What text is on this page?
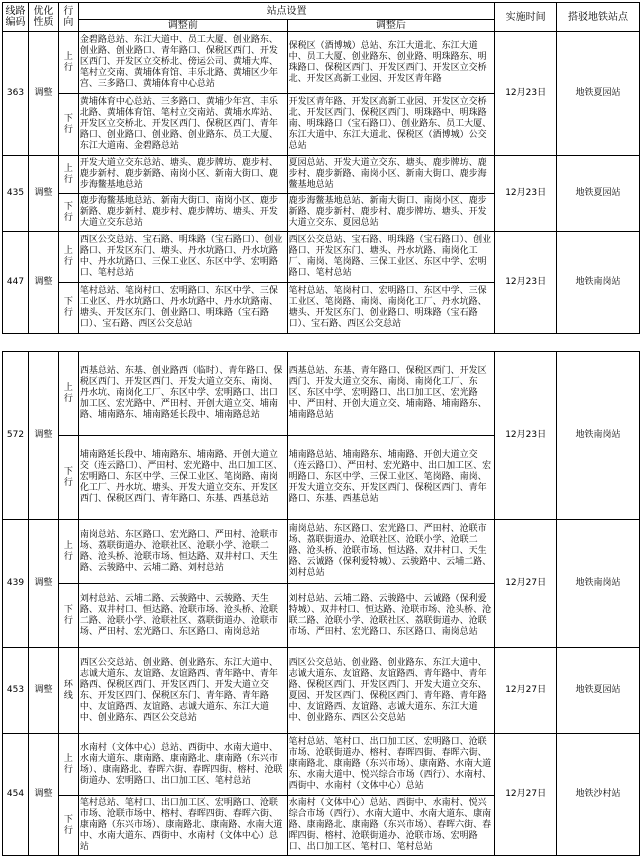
线路编码	优化性质	行向	站点设置		实施时间	搭驳地铁站点
			调整前	调整后		
363	调整	上行	金碧路总站、东江大道中、员工大厦、创业路东、创业路、创业路口、青年路口、保税区西门、开发区西门、开发区立交桥北、傍运公司、黄埔大库、笔村立交南、黄埔体育馆、丰乐北路、黄埔区少年宫、三多路口、黄埔体育中心总站	保税区（酒博城）总站、东江大道北、东江大道中、员工大厦、创业路东、创业路、明珠路东、明珠路口、保税区西门、开发区西门、开发区立交桥北、开发区高新工业园、开发区青年路	12月23日	地铁夏园站
		下行	黄埔体育中心总站、三多路口、黄埔少年宫、丰乐北路、黄埔体育馆、笔村立交南站、黄埔水库站、开发区立交桥北、开发区西门、保税区西门、青年路口、创业路口、创业路、创业路东、员工大厦、东江大道南、金碧路总站	开发区青年路、开发区高新工业园、开发区立交桥北、开发区西门、保税区西门、明珠路中、明珠路南、明珠路口（宝石路口）、创业路东、员工大厦、东江大道中、东江大道北、保税区（酒博城）公交总站		
435	调整	上行	开发大道立交东总站、塘头、鹿步牌坊、鹿步村、鹿步新村、鹿步新路、南岗小区、新南大街口、鹿步海鳖基地总站	夏园总站、开发大道立交东、塘头、鹿步牌坊、鹿步村、鹿步新路、南岗小区、新南大街口、鹿步海鳖基地总站	12月23日	地铁夏园站
		下行	鹿步海鳖基地总站、新南大街口、南岗小区、鹿步新路、鹿步新村、鹿步村、鹿步牌坊、塘头、开发大道立交东总站	鹿步海鳖基地总站、新南大街口、南岗小区、鹿步新路、鹿步新村、鹿步村、鹿步牌坊、塘头、开发大道立交东、夏园总站		
447	调整	上行	西区公交总站、宝石路、明珠路（宝石路口）、创业路口、开发区东门、塘头、丹水坑路口、丹水坑路中、丹水坑路口、三保工业区、东区中学、宏明路口、笔村总站	西区公交总站、宝石路、明珠路（宝石路口）、创业路口、开发区东门、塘头、丹水坑路、南岗化工厂、南岗、笔岗路、三保工业区、东区中学、宏明路口、笔村总站	12月23日	地铁南岗站
		下行	笔村总站、笔岗村口、宏明路口、东区中学、三保工业区、丹水坑路口、丹水坑路中、丹水坑路南、塘头、开发区东门、创业路口、明珠路（宝石路口）、宝石路、西区公交总站	笔村总站、笔岗村口、宏明路口、东区中学、三保工业区、笔岗路、南岗、南岗化工厂、丹水坑路、塘头、开发区东门、创业路口、明珠路（宝石路口）、宝石路、西区公交总站		
572	调整	上行	西基总站、东基、创业路西（临时）、青年路口、保税区西门、开发区西门、开发大道立交东、南岗、丹水坑、南岗化工厂、东区中学、宏明路口、出口加工区、宏光路中、严田村、开创大道立交、埔南路、埔南路东、埔南路延长段中、埔南路总站	西基总站、东基、青年路口、保税区西门、开发区西门、开发大道立交东、南岗、南岗化工厂、东区、东区中学、宏明路口、出口加工区、宏光路中、严田村、开创大道立交、埔南路、埔南路东、埔南路总站	12月23日	地铁南岗站
		下行	埔南路延长段中、埔南路东、埔南路、开创大道立交（连云路口）、严田村、宏光路中、出口加工区、宏明路口、东区中学、三保工业区、笔岗路、南岗化工厂、丹水坑、塘头、开发大道立交东、开发区西门、保税区西门、青年路口、东基、西基总站	埔南路总站、埔南路东、埔南路、开创大道立交（连云路口）、严田村、宏光路中、出口加工区、宏明路口、东区中学、三保工业区、笔岗路、南岗、开发大道立交东、开发区西门、保税区西门、青年路口、东基、西基总站		
439	调整	上行	南岗总站、东区路口、宏光路口、严田村、沧联市场、荔联街道办、沧联社区、沧联小学、沧联二路、沧头桥、沧联市场、恒达路、双井村口、天生路、云骏路中、云埔二路、刘村总站	南岗总站、东区路口、宏光路口、严田村、沧联市场、荔联街道办、沧联社区、沧联小学、沧联二路、沧头桥、沧联市场、恒达路、双井村口、天生路、云诚路（保利爱特城）、云骏路中、云埔二路、刘村总站	12月27日	地铁南岗站
		下行	刘村总站、云埔二路、云骏路中、云骏路、天生路、双井村口、恒达路、沧联市场、沧头桥、沧联二路、沧联小学、沧联社区、荔联街道办、沧联市场、严田村、宏光路口、东区路口、南岗总站	刘村总站、云埔二路、云骏路中、云诚路（保利爱特城）、双井村口、恒达路、沧联市场、沧头桥、沧联二路、沧联小学、沧联社区、荔联街道办、沧联市场、严田村、宏光路口、东区路口、南岗总站		
453	调整	环线	西区公交总站、创业路、创业路东、东江大道中、志诚大道东、友谊路、友谊路西、青年路中、青年路西、保税区西门、开发区西门、开发大道立交东、开发区四门、保税区东门、青年路、青年路中、友谊路西、友谊路、志诚大道东、东江大道中、创业路东、西区公交总站	西区公交总站、创业路、创业路东、东江大道中、志诚大道东、友谊路、友谊路西、青年路中、青年路、保税区西门、开发区西门、开发大道立交东、夏园、开发区西门、保税区西门、青年路、青年路中、友谊路西、友谊路、志诚大道东、东江大道中、创业路东、西区公交总站	12月27日	地铁夏园站
454	调整	上行	水南村（文体中心）总站、西街中、水南大道中、水南大道东、康南路、康南路北、康南路（东兴市场）、康南路北、春晖六街、春晖四街、榕村、沧联街道办、宏明路口、出口加工区、笔村总站	笔村总站、笔村口、出口加工区、宏明路口、沧联市场、沧联街道办、榕村、春晖四街、春晖六街、康南路北、康南路（东兴市场）、康南路、水南大道东、水南大道中、悦兴综合市场（西行）、水南村、西街中、水南村（文体中心）总站	12月27日	地铁沙村站
		下行	笔村总站、笔村口、出口加工区、宏明路口、沧联市场、沧联市场中、榕村、春晖四街、春晖六街、康南路（东兴市场）、康南路北、康南路、水南大道中、水南大道东、西街中、水南村（文体中心）总站	水南村（文体中心）总站、西街中、水南村、悦兴综合市场（西行）、水南大道中、水南大道东、康南路、康南路北、康南路（东兴市场）、春晖六街、春晖四街、榕村、沧联街道办、沧联市场、宏明路口、出口加工区、笔村口、笔村总站		
